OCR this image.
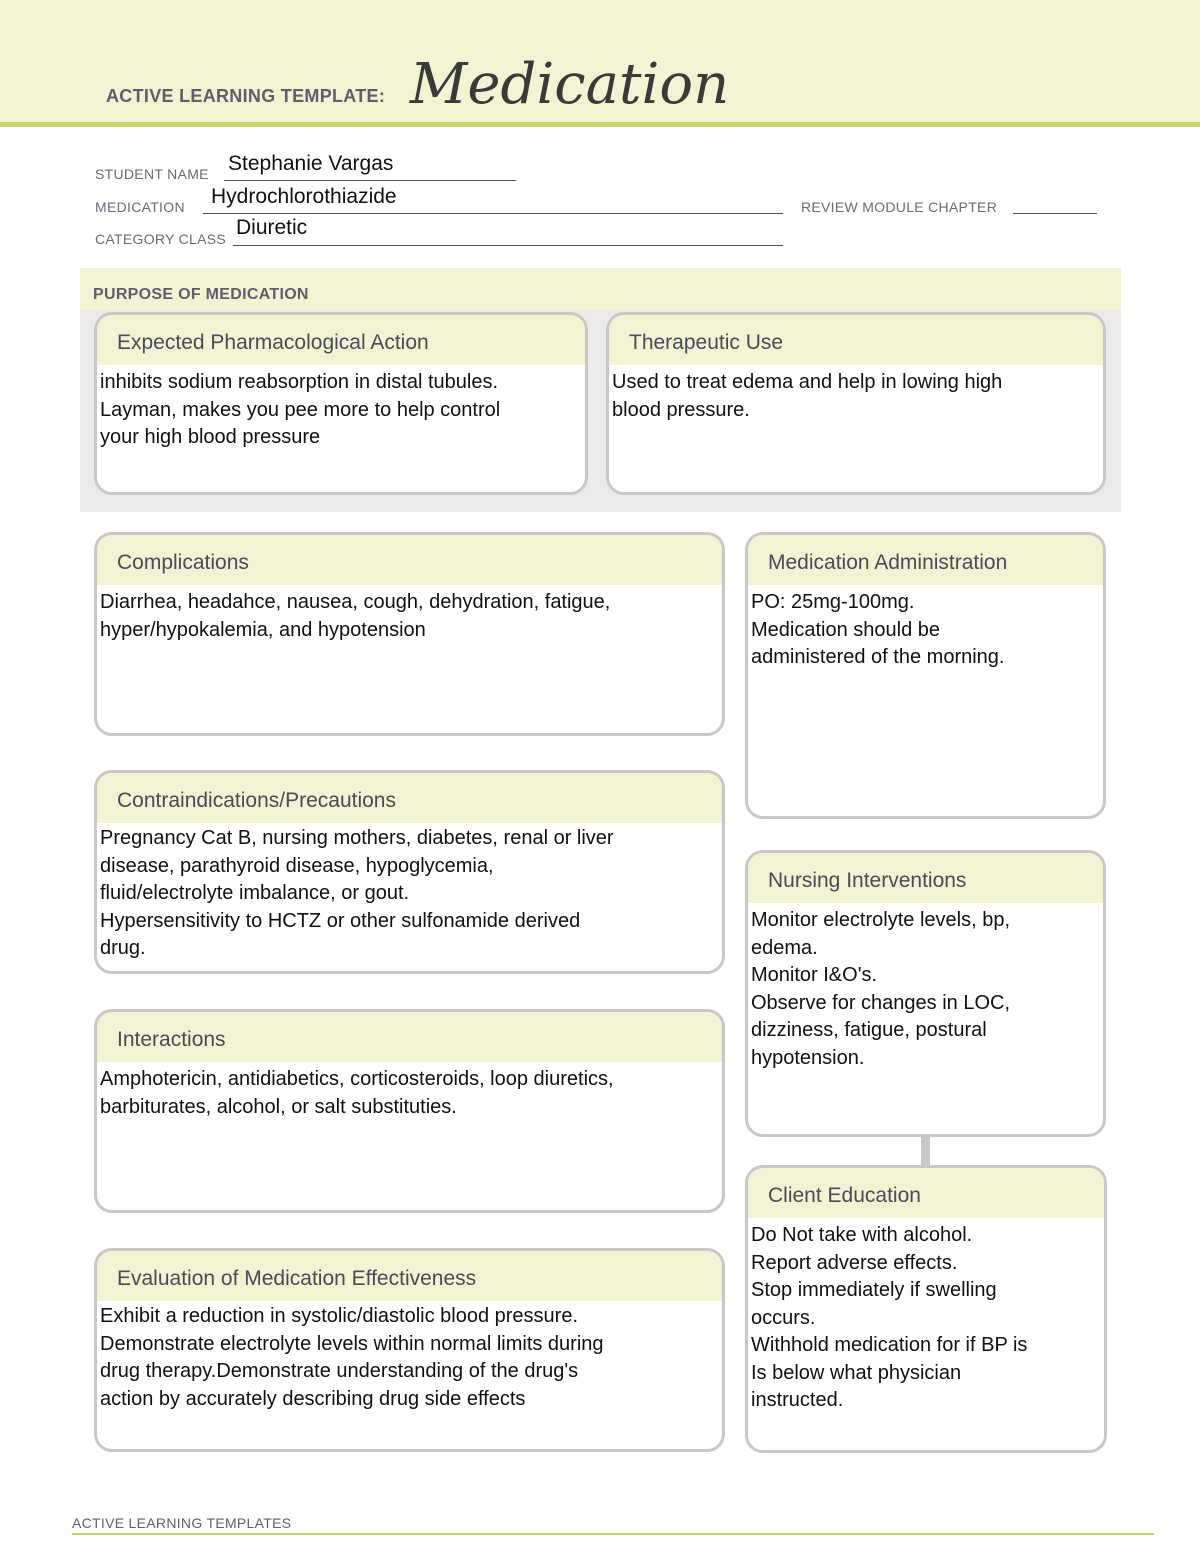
ACTIVE LEARNING TEMPLATE: Medication
STUDENT NAME Stephanie Vargas
MEDICATION Hydrochlorothiazide	REVIEW MODULE CHAPTER
CATEGORY CLASS Diuretic
PURPOSE OF MEDICATION
Expected Pharmacological Action
inhibits sodium reabsorption in distal tubules.
Layman, makes you pee more to help control
your high blood pressure
Therapeutic Use
Used to treat edema and help in lowing high
blood pressure.
Complications
Diarrhea, headahce, nausea, cough, dehydration, fatigue,
hyper/hypokalemia, and hypotension
Medication Administration
PO: 25mg-100mg.
Medication should be
administered of the morning.
Contraindications/Precautions
Pregnancy Cat B, nursing mothers, diabetes, renal or liver
disease, parathyroid disease, hypoglycemia,
fluid/electrolyte imbalance, or gout.
Hypersensitivity to HCTZ or other sulfonamide derived
drug.
Nursing Interventions
Monitor electrolyte levels, bp,
edema.
Monitor I&O's.
Observe for changes in LOC,
dizziness, fatigue, postural
hypotension.
Interactions
Amphotericin, antidiabetics, corticosteroids, loop diuretics,
barbiturates, alcohol, or salt substituties.
Client Education
Do Not take with alcohol.
Report adverse effects.
Stop immediately if swelling
occurs.
Withhold medication for if BP is
Is below what physician
instructed.
Evaluation of Medication Effectiveness
Exhibit a reduction in systolic/diastolic blood pressure.
Demonstrate electrolyte levels within normal limits during
drug therapy.Demonstrate understanding of the drug's
action by accurately describing drug side effects
ACTIVE LEARNING TEMPLATES
